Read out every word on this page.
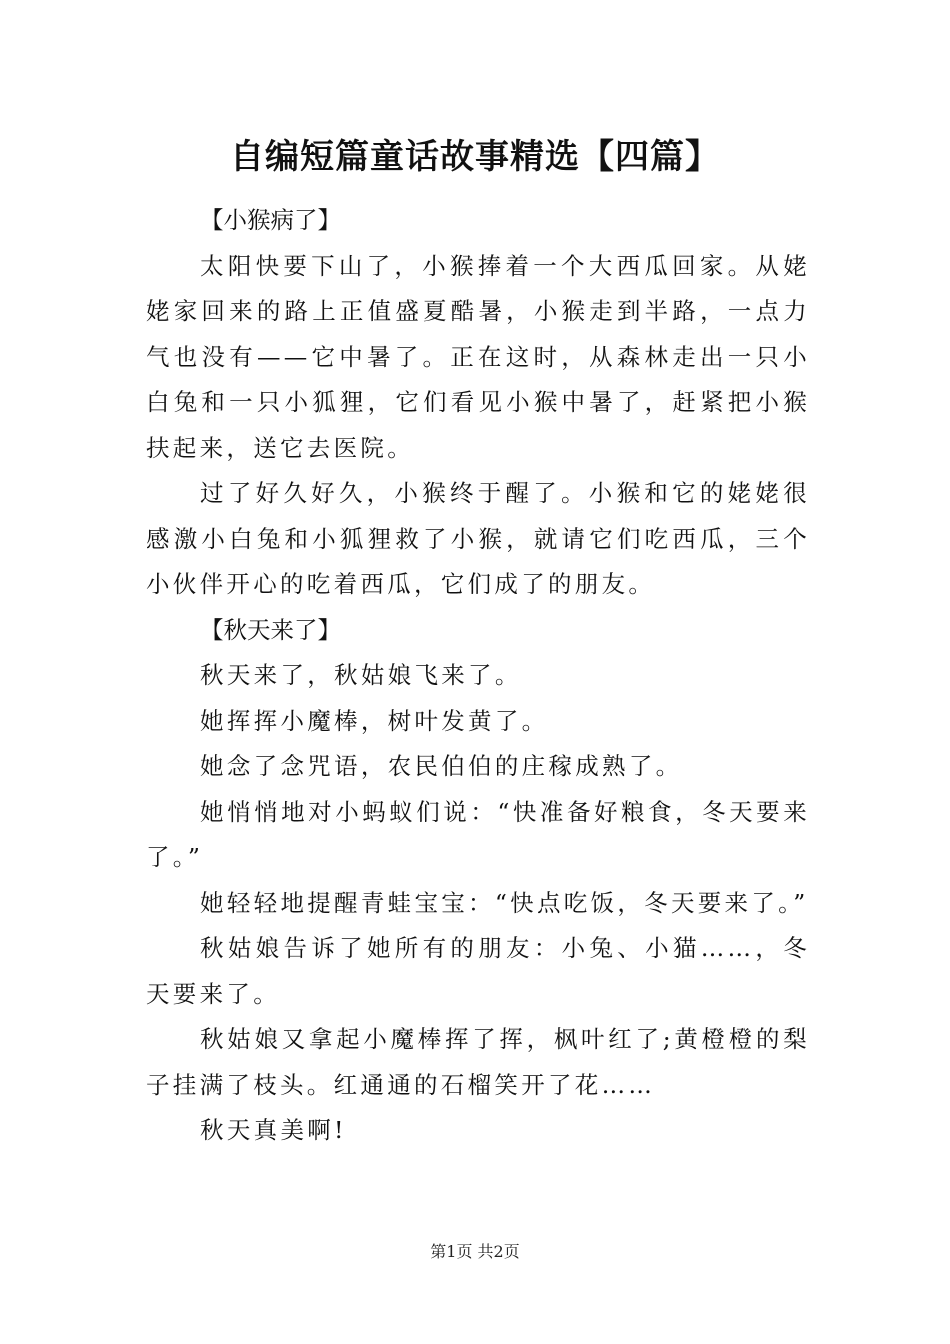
自编短篇童话故事精选【四篇】

【小猴病了】

太阳快要下山了，小猴捧着一个大西瓜回家。从姥姥家回来的路上正值盛夏酷暑，小猴走到半路，一点力气也没有——它中暑了。正在这时，从森林走出一只小白兔和一只小狐狸，它们看见小猴中暑了，赶紧把小猴扶起来，送它去医院。

过了好久好久，小猴终于醒了。小猴和它的姥姥很感激小白兔和小狐狸救了小猴，就请它们吃西瓜，三个小伙伴开心的吃着西瓜，它们成了的朋友。

【秋天来了】

秋天来了，秋姑娘飞来了。

她挥挥小魔棒，树叶发黄了。

她念了念咒语，农民伯伯的庄稼成熟了。

她悄悄地对小蚂蚁们说：“快准备好粮食，冬天要来了。”

她轻轻地提醒青蛙宝宝：“快点吃饭，冬天要来了。”

秋姑娘告诉了她所有的朋友：小兔、小猫……，冬天要来了。

秋姑娘又拿起小魔棒挥了挥，枫叶红了;黄橙橙的梨子挂满了枝头。红通通的石榴笑开了花……

秋天真美啊!

第1页 共2页
